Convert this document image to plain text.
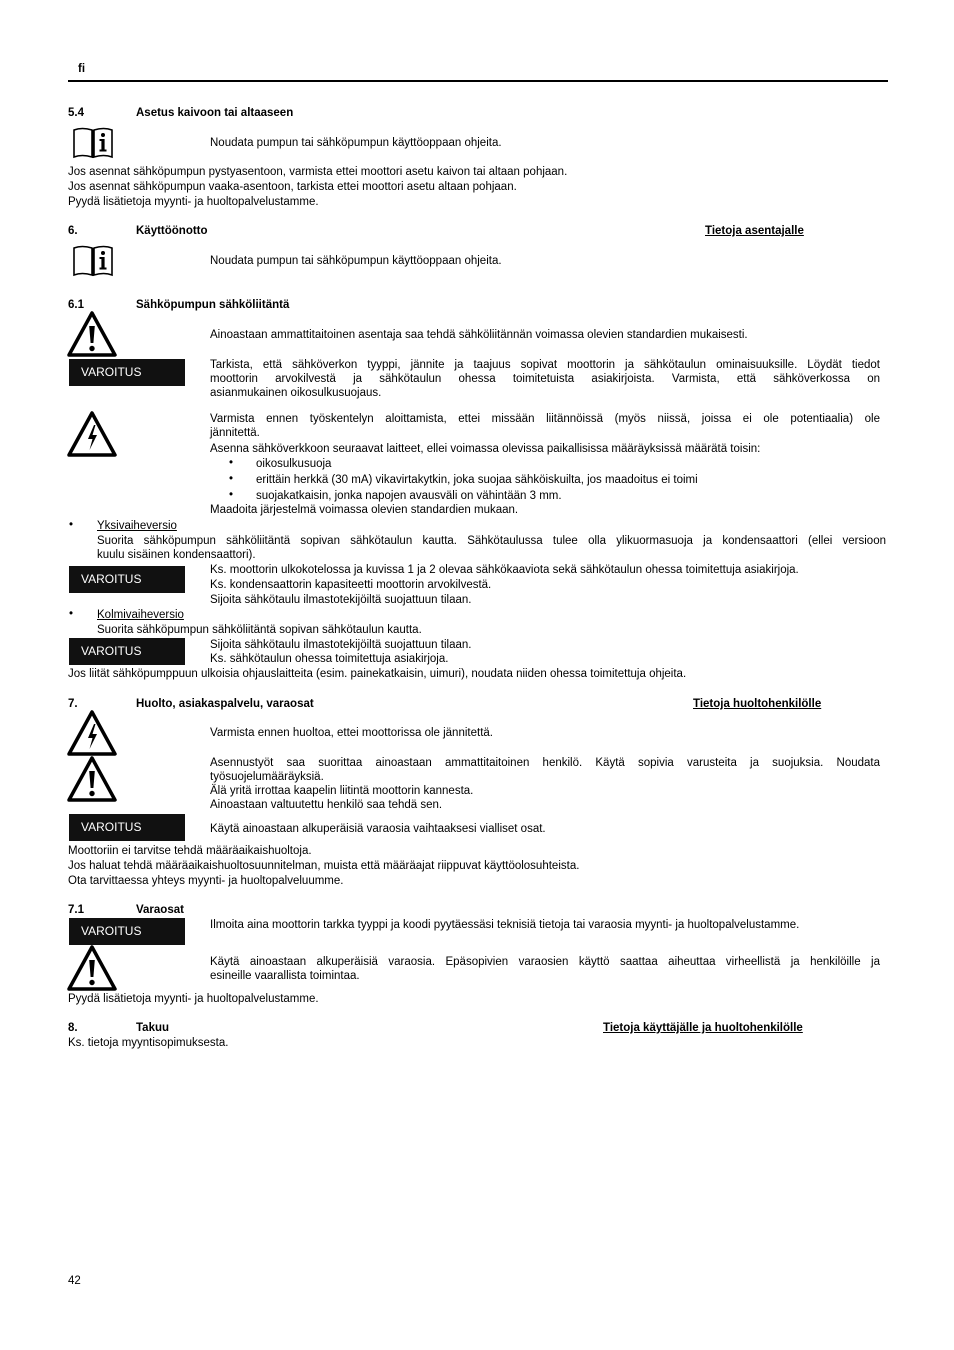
fi
5.4	Asetus kaivoon tai altaaseen
Noudata pumpun tai sähköpumpun käyttöoppaan ohjeita.
Jos asennat sähköpumpun pystyasentoon, varmista ettei moottori asetu kaivon tai altaan pohjaan.
Jos asennat sähköpumpun vaaka-asentoon, tarkista ettei moottori asetu altaan pohjaan.
Pyydä lisätietoja myynti- ja huoltopalvelustamme.
6.	Käyttöönotto	Tietoja asentajalle
Noudata pumpun tai sähköpumpun käyttöoppaan ohjeita.
6.1	Sähköpumpun sähköliitäntä
Ainoastaan ammattitaitoinen asentaja saa tehdä sähköliitännän voimassa olevien standardien mukaisesti.
VAROITUS	Tarkista, että sähköverkon tyyppi, jännite ja taajuus sopivat moottorin ja sähkötaulun ominaisuuksille. Löydät tiedot
moottorin arvokilvestä ja sähkötaulun ohessa toimitetuista asiakirjoista. Varmista, että sähköverkossa on
asianmukainen oikosulkusuojaus.
Varmista ennen työskentelyn aloittamista, ettei missään liitännöissä (myös niissä, joissa ei ole potentiaalia) ole
jännitettä.
Asenna sähköverkkoon seuraavat laitteet, ellei voimassa olevissa paikallisissa määräyksissä määrätä toisin:
• oikosulkusuoja
• erittäin herkkä (30 mA) vikavirtakytkin, joka suojaa sähköiskuilta, jos maadoitus ei toimi
• suojakatkaisin, jonka napojen avausväli on vähintään 3 mm.
Maadoita järjestelmä voimassa olevien standardien mukaan.
• Yksivaiheversio
Suorita sähköpumpun sähköliitäntä sopivan sähkötaulun kautta. Sähkötaulussa tulee olla ylikuormasuoja ja kondensaattori (ellei versioon
kuulu sisäinen kondensaattori).
VAROITUS
Ks. moottorin ulkokotelossa ja kuvissa 1 ja 2 olevaa sähkökaaviota sekä sähkötaulun ohessa toimitettuja asiakirjoja.
Ks. kondensaattorin kapasiteetti moottorin arvokilvestä.
Sijoita sähkötaulu ilmastotekijöiltä suojattuun tilaan.
• Kolmivaiheversio
Suorita sähköpumpun sähköliitäntä sopivan sähkötaulun kautta.
VAROITUS	Sijoita sähkötaulu ilmastotekijöiltä suojattuun tilaan.
Ks. sähkötaulun ohessa toimitettuja asiakirjoja.
Jos liität sähköpumppuun ulkoisia ohjauslaitteita (esim. painekatkaisin, uimuri), noudata niiden ohessa toimitettuja ohjeita.
7.	Huolto, asiakaspalvelu, varaosat	Tietoja huoltohenkilölle
Varmista ennen huoltoa, ettei moottorissa ole jännitettä.
Asennustyöt saa suorittaa ainoastaan ammattitaitoinen henkilö. Käytä sopivia varusteita ja suojuksia. Noudata
työsuojelumääräyksiä.
Älä yritä irrottaa kaapelin liitintä moottorin kannesta.
Ainoastaan valtuutettu henkilö saa tehdä sen.
VAROITUS	Käytä ainoastaan alkuperäisiä varaosia vaihtaaksesi vialliset osat.
Moottoriin ei tarvitse tehdä määräaikaishuoltoja.
Jos haluat tehdä määräaikaishuoltosuunnitelman, muista että määräajat riippuvat käyttöolosuhteista.
Ota tarvittaessa yhteys myynti- ja huoltopalveluumme.
7.1	Varaosat
VAROITUS	Ilmoita aina moottorin tarkka tyyppi ja koodi pyytäessäsi teknisiä tietoja tai varaosia myynti- ja huoltopalvelustamme.
Käytä ainoastaan alkuperäisiä varaosia. Epäsopivien varaosien käyttö saattaa aiheuttaa virheellistä ja henkilöille ja
esineille vaarallista toimintaa.
Pyydä lisätietoja myynti- ja huoltopalvelustamme.
8.	Takuu	Tietoja käyttäjälle ja huoltohenkilölle
Ks. tietoja myyntisopimuksesta.
42
